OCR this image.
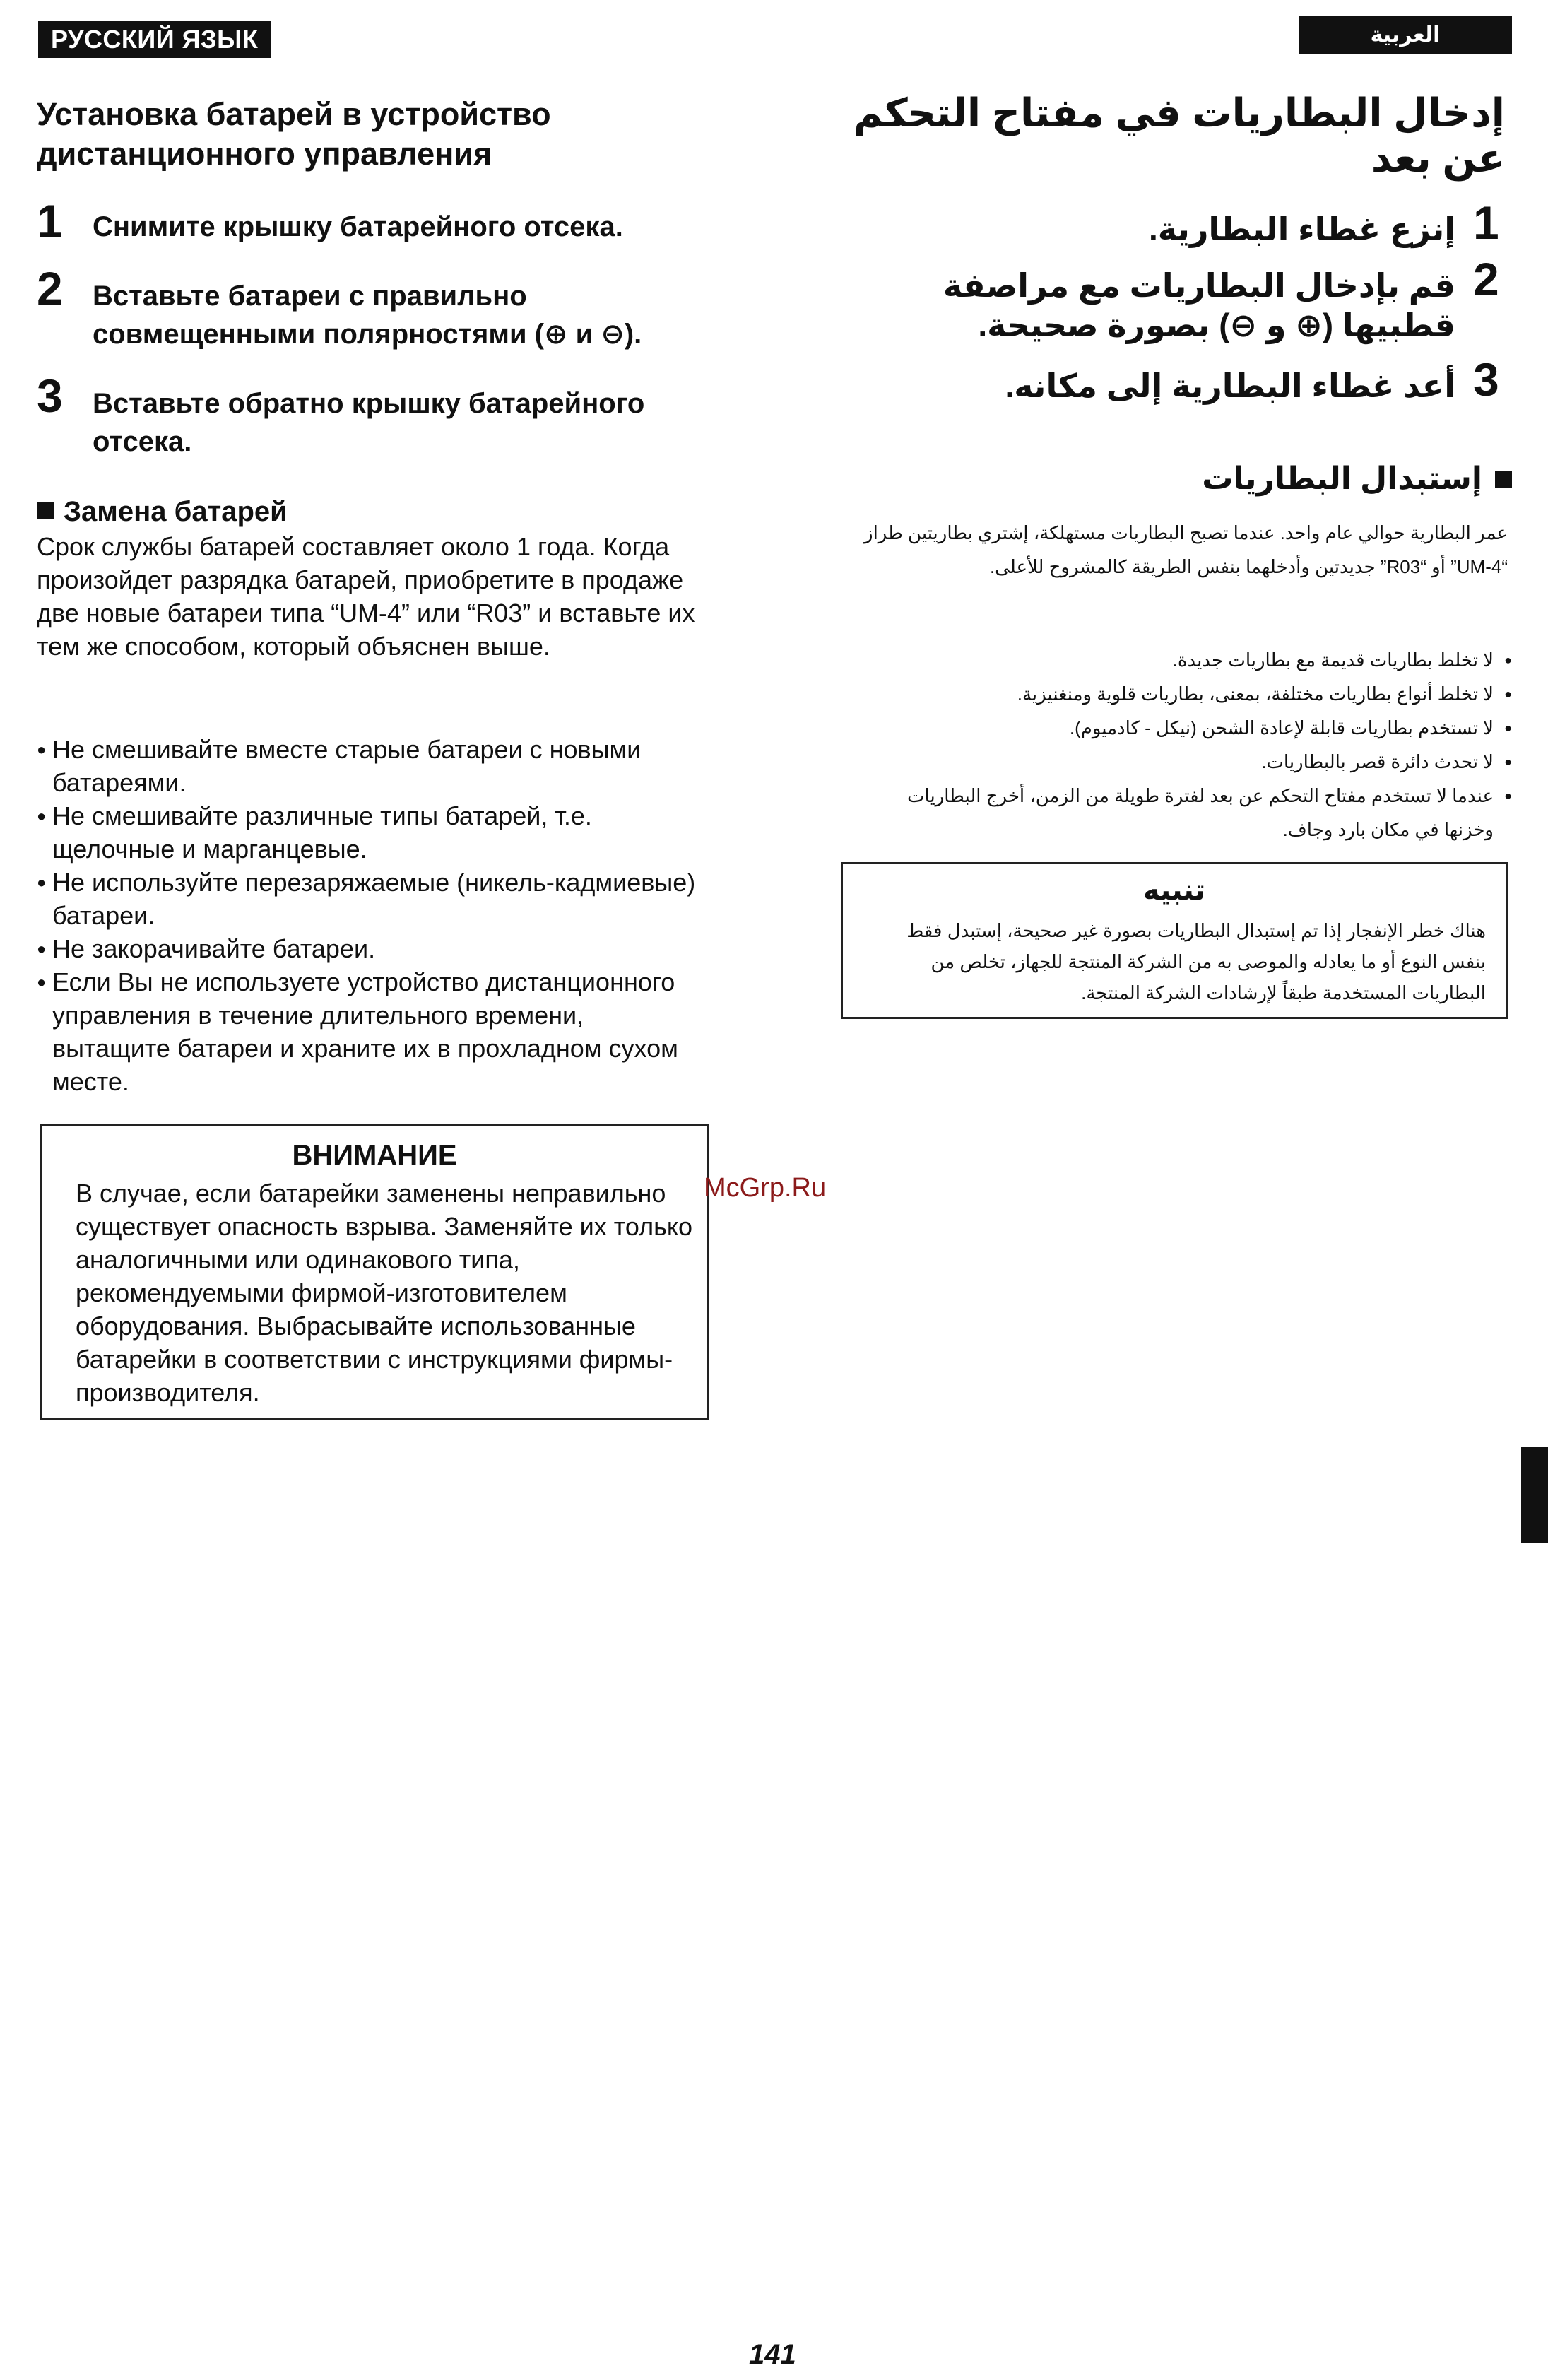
РУССКИЙ ЯЗЫК
Установка батарей в устройство дистанционного управления
1 Снимите крышку батарейного отсека.
2 Вставьте батареи с правильно совмещенными полярностями (⊕ и ⊖).
3 Вставьте обратно крышку батарейного отсека.
Замена батарей
Срок службы батарей составляет около 1 года. Когда произойдет разрядка батарей, приобретите в продаже две новые батареи типа “UM-4” или “R03” и вставьте их тем же способом, который объяснен выше.
● Не смешивайте вместе старые батареи с новыми батареями.
● Не смешивайте различные типы батарей, т.е. щелочные и марганцевые.
● Не используйте перезаряжаемые (никель-кадмиевые) батареи.
● Не закорачивайте батареи.
● Если Вы не используете устройство дистанционного управления в течение длительного времени, вытащите батареи и храните их в прохладном сухом месте.
ВНИМАНИЕ
В случае, если батарейки заменены неправильно существует опасность взрыва. Заменяйте их только аналогичными или одинакового типа, рекомендуемыми фирмой-изготовителем оборудования. Выбрасывайте использованные батарейки в соответствии с инструкциями фирмы-производителя.
McGrp.Ru
العربية
إدخال البطاريات في مفتاح التحكم عن بعد
1
إنزع غطاء البطارية.
2
قم بإدخال البطاريات مع مراصفة قطبيها (⊕ و ⊖) بصورة صحيحة.
3
أعد غطاء البطارية إلى مكانه.
إستبدال البطاريات
عمر البطارية حوالي عام واحد. عندما تصبح البطاريات مستهلكة، إشتري بطاريتين طراز “UM-4” أو “R03” جديدتين وأدخلهما بنفس الطريقة كالمشروح للأعلى.
● لا تخلط بطاريات قديمة مع بطاريات جديدة.
● لا تخلط أنواع بطاريات مختلفة، بمعنى، بطاريات قلوية ومنغنيزية.
● لا تستخدم بطاريات قابلة لإعادة الشحن (نيكل - كادميوم).
● لا تحدث دائرة قصر بالبطاريات.
● عندما لا تستخدم مفتاح التحكم عن بعد لفترة طويلة من الزمن، أخرج البطاريات وخزنها في مكان بارد وجاف.
تنبيه
هناك خطر الإنفجار إذا تم إستبدال البطاريات بصورة غير صحيحة، إستبدل فقط بنفس النوع أو ما يعادله والموصى به من الشركة المنتجة للجهاز، تخلص من البطاريات المستخدمة طبقاً لإرشادات الشركة المنتجة.
141
